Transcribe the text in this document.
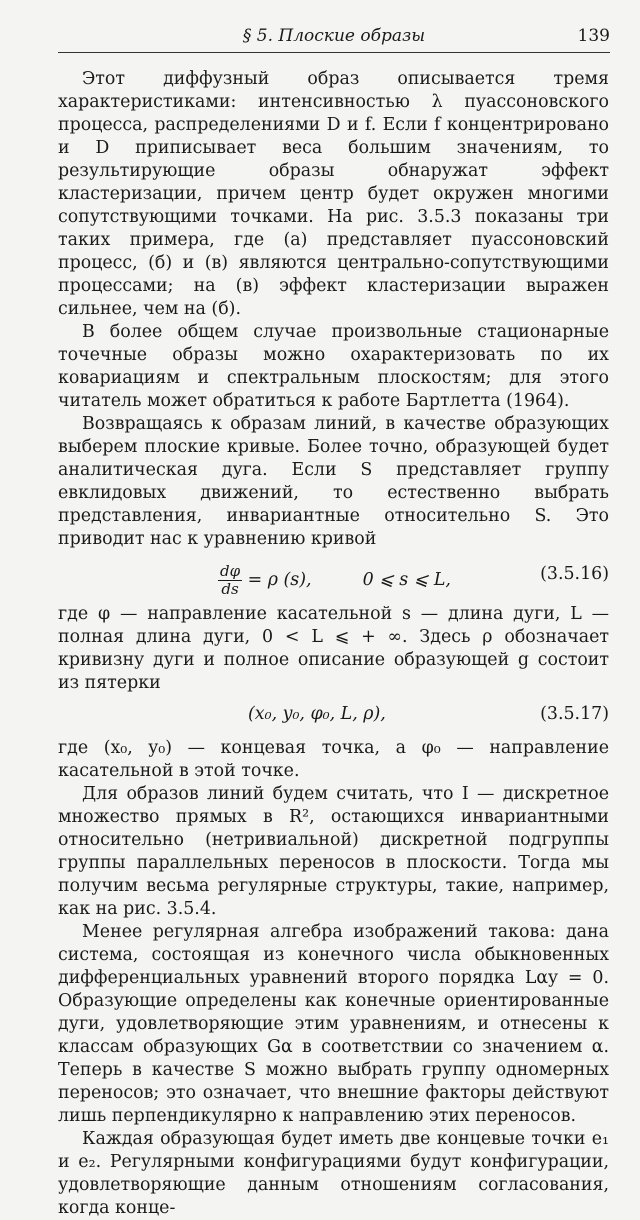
§ 5. Плоские образы	139

Этот диффузный образ описывается тремя характеристиками: интенсивностью λ пуассоновского процесса, распределениями D и f. Если f концентрировано и D приписывает веса большим значениям, то результирующие образы обнаружат эффект кластеризации, причем центр будет окружен многими сопутствующими точками. На рис. 3.5.3 показаны три таких примера, где (а) представляет пуассоновский процесс, (б) и (в) являются центрально-сопутствующими процессами; на (в) эффект кластеризации выражен сильнее, чем на (б).

В более общем случае произвольные стационарные точечные образы можно охарактеризовать по их ковариациям и спектральным плоскостям; для этого читатель может обратиться к работе Бартлетта (1964).

Возвращаясь к образам линий, в качестве образующих выберем плоские кривые. Более точно, образующей будет аналитическая дуга. Если S представляет группу евклидовых движений, то естественно выбрать представления, инвариантные относительно S. Это приводит нас к уравнению кривой

$\frac{d\varphi}{ds} = \rho$ (s),	0 ⩽ s ⩽ L,	(3.5.16)

где φ — направление касательной s — длина дуги, L — полная длина дуги, 0 < L ⩽ + ∞. Здесь ρ обозначает кривизну дуги и полное описание образующей g состоит из пятерки

(x₀, y₀, φ₀, L, ρ),	(3.5.17)

где (x₀, y₀) — концевая точка, а φ₀ — направление касательной в этой точке.

Для образов линий будем считать, что I — дискретное множество прямых в R², остающихся инвариантными относительно (нетривиальной) дискретной подгруппы группы параллельных переносов в плоскости. Тогда мы получим весьма регулярные структуры, такие, например, как на рис. 3.5.4.

Менее регулярная алгебра изображений такова: дана система, состоящая из конечного числа обыкновенных дифференциальных уравнений второго порядка Lαy = 0. Образующие определены как конечные ориентированные дуги, удовлетворяющие этим уравнениям, и отнесены к классам образующих Gα в соответствии со значением α. Теперь в качестве S можно выбрать группу одномерных переносов; это означает, что внешние факторы действуют лишь перпендикулярно к направлению этих переносов.

Каждая образующая будет иметь две концевые точки e₁ и e₂. Регулярными конфигурациями будут конфигурации, удовлетворяющие данным отношениям согласования, когда конце-
